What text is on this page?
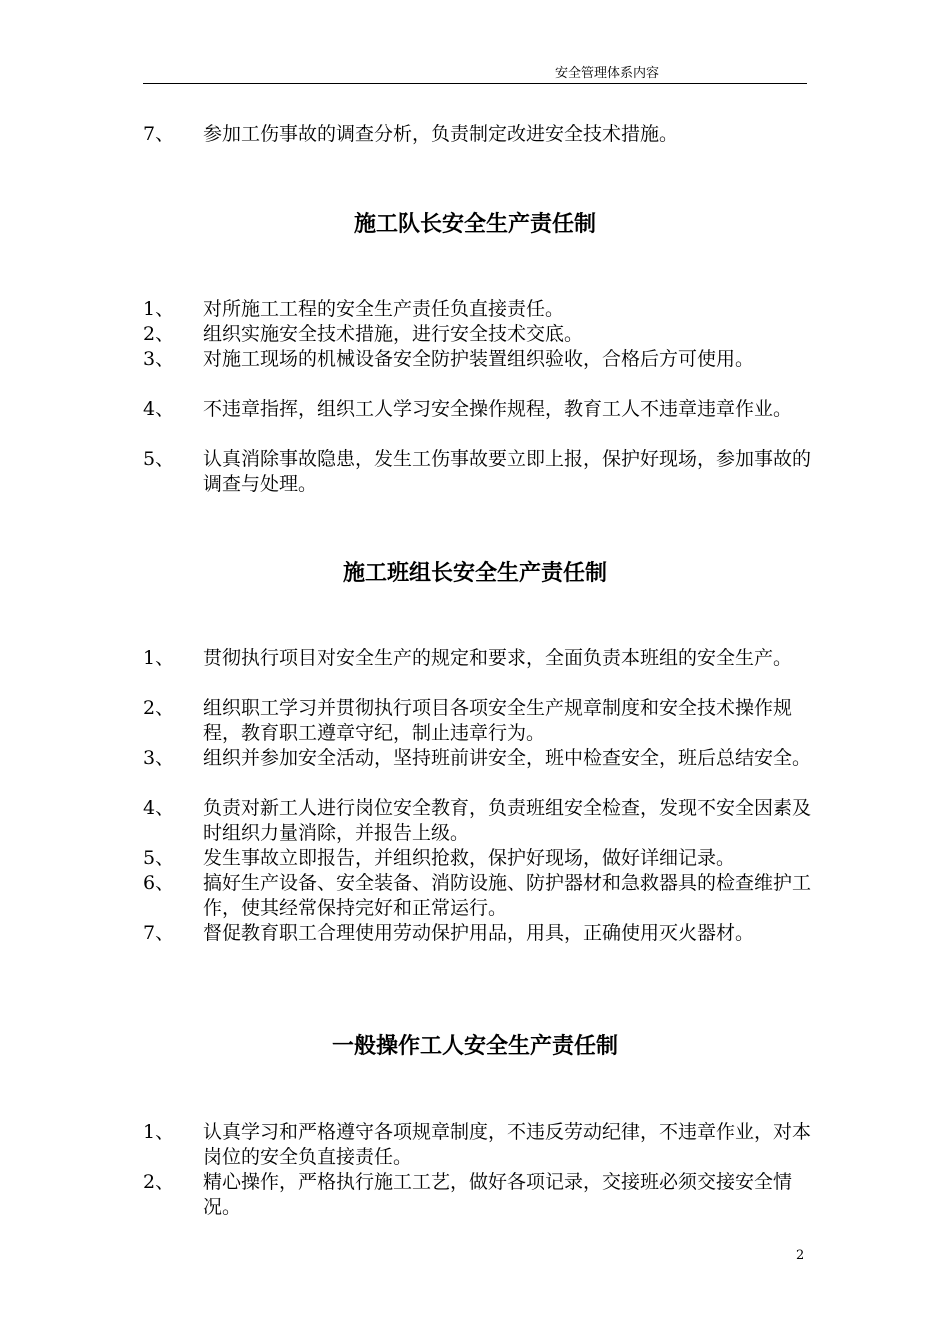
安全管理体系内容
7、 参加工伤事故的调查分析，负责制定改进安全技术措施。
施工队长安全生产责任制
1、 对所施工工程的安全生产责任负直接责任。
2、 组织实施安全技术措施，进行安全技术交底。
3、 对施工现场的机械设备安全防护装置组织验收，合格后方可使用。
4、 不违章指挥，组织工人学习安全操作规程，教育工人不违章违章作业。
5、 认真消除事故隐患，发生工伤事故要立即上报，保护好现场，参加事故的调查与处理。
施工班组长安全生产责任制
1、 贯彻执行项目对安全生产的规定和要求，全面负责本班组的安全生产。
2、 组织职工学习并贯彻执行项目各项安全生产规章制度和安全技术操作规程，教育职工遵章守纪，制止违章行为。
3、 组织并参加安全活动，坚持班前讲安全，班中检查安全，班后总结安全。
4、 负责对新工人进行岗位安全教育，负责班组安全检查，发现不安全因素及时组织力量消除，并报告上级。
5、 发生事故立即报告，并组织抢救，保护好现场，做好详细记录。
6、 搞好生产设备、安全装备、消防设施、防护器材和急救器具的检查维护工作，使其经常保持完好和正常运行。
7、 督促教育职工合理使用劳动保护用品，用具，正确使用灭火器材。
一般操作工人安全生产责任制
1、 认真学习和严格遵守各项规章制度，不违反劳动纪律，不违章作业，对本岗位的安全负直接责任。
2、 精心操作，严格执行施工工艺，做好各项记录，交接班必须交接安全情况。
2
